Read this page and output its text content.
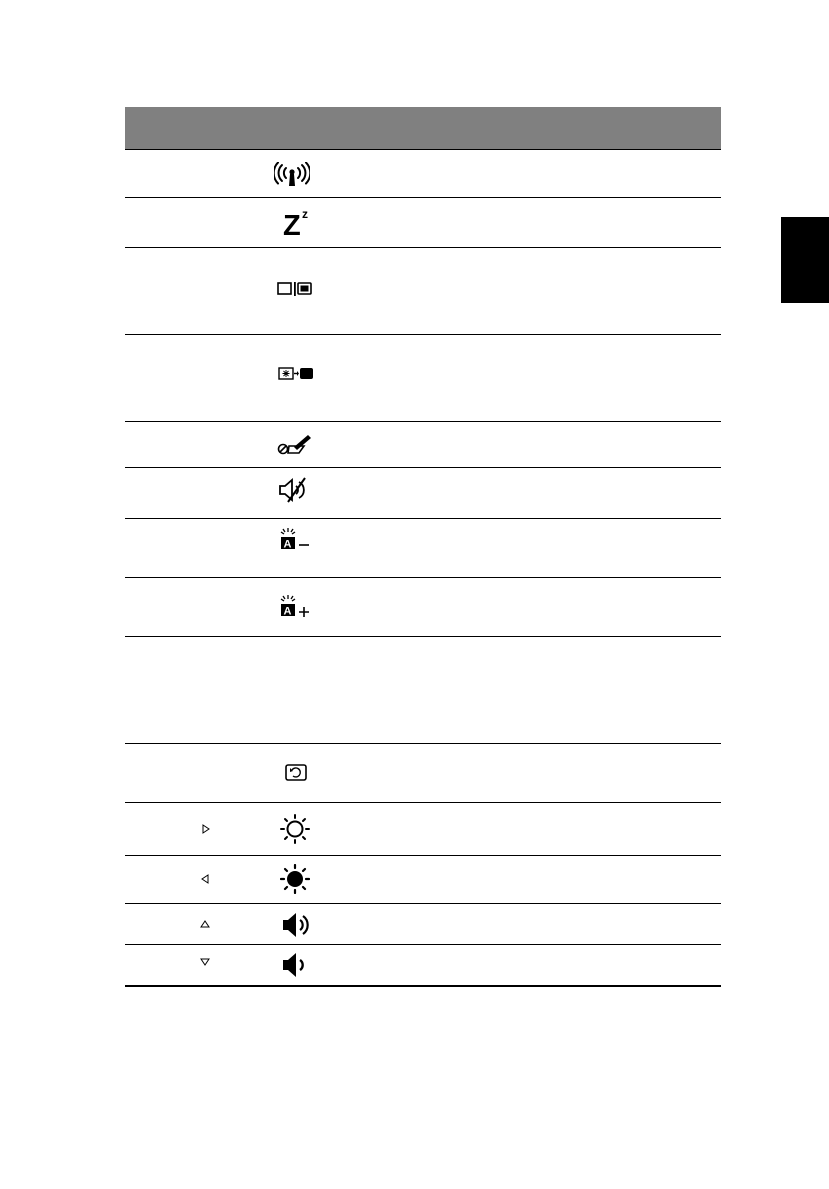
Z z
A
A
